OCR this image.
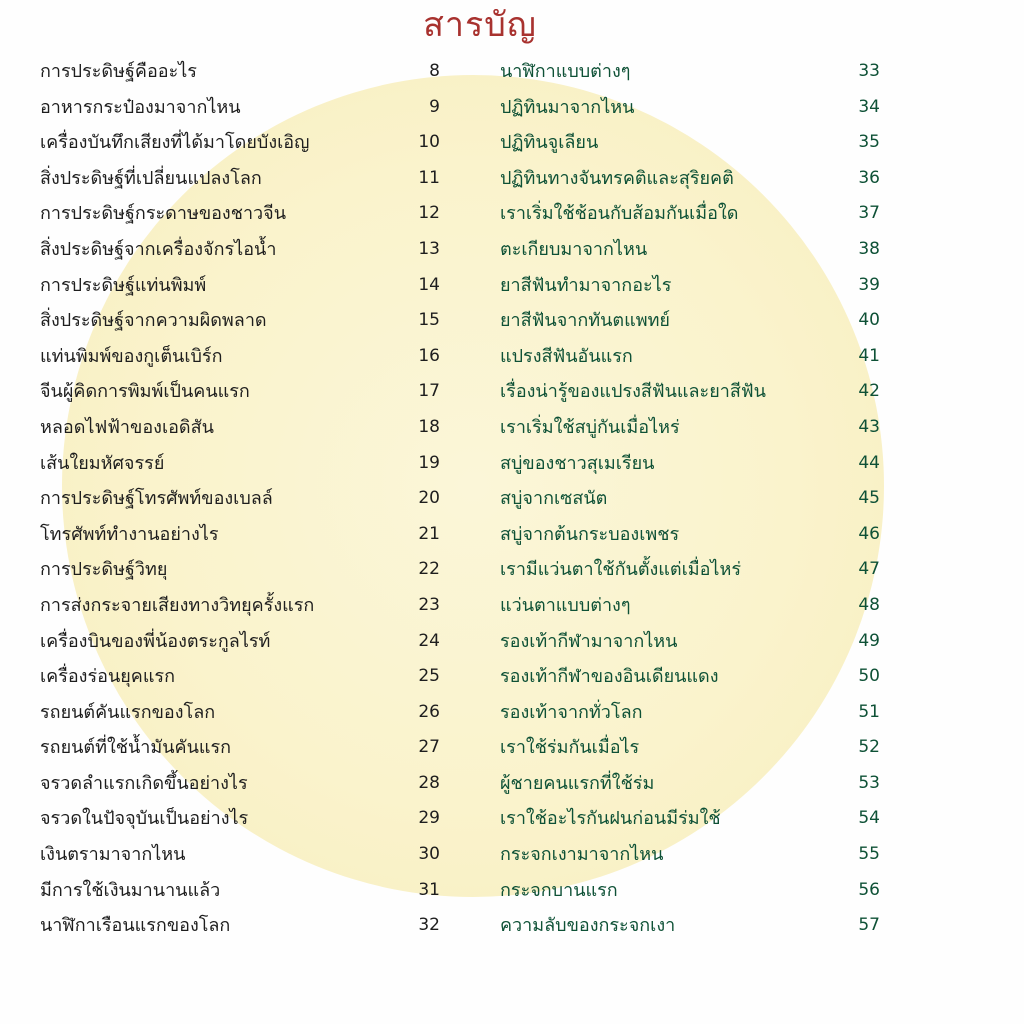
สารบัญ
การประดิษฐ์คืออะไร	8
อาหารกระป๋องมาจากไหน	9
เครื่องบันทึกเสียงที่ได้มาโดยบังเอิญ	10
สิ่งประดิษฐ์ที่เปลี่ยนแปลงโลก	11
การประดิษฐ์กระดาษของชาวจีน	12
สิ่งประดิษฐ์จากเครื่องจักรไอน้ำ	13
การประดิษฐ์แท่นพิมพ์	14
สิ่งประดิษฐ์จากความผิดพลาด	15
แท่นพิมพ์ของกูเต็นเบิร์ก	16
จีนผู้คิดการพิมพ์เป็นคนแรก	17
หลอดไฟฟ้าของเอดิสัน	18
เส้นใยมหัศจรรย์	19
การประดิษฐ์โทรศัพท์ของเบลล์	20
โทรศัพท์ทำงานอย่างไร	21
การประดิษฐ์วิทยุ	22
การส่งกระจายเสียงทางวิทยุครั้งแรก	23
เครื่องบินของพี่น้องตระกูลไรท์	24
เครื่องร่อนยุคแรก	25
รถยนต์คันแรกของโลก	26
รถยนต์ที่ใช้น้ำมันคันแรก	27
จรวดลำแรกเกิดขึ้นอย่างไร	28
จรวดในปัจจุบันเป็นอย่างไร	29
เงินตรามาจากไหน	30
มีการใช้เงินมานานแล้ว	31
นาฬิกาเรือนแรกของโลก	32
นาฬิกาแบบต่างๆ	33
ปฏิทินมาจากไหน	34
ปฏิทินจูเลียน	35
ปฏิทินทางจันทรคติและสุริยคติ	36
เราเริ่มใช้ช้อนกับส้อมกันเมื่อใด	37
ตะเกียบมาจากไหน	38
ยาสีฟันทำมาจากอะไร	39
ยาสีฟันจากทันตแพทย์	40
แปรงสีฟันอันแรก	41
เรื่องน่ารู้ของแปรงสีฟันและยาสีฟัน	42
เราเริ่มใช้สบู่กันเมื่อไหร่	43
สบู่ของชาวสุเมเรียน	44
สบู่จากเซสนัต	45
สบู่จากต้นกระบองเพชร	46
เรามีแว่นตาใช้กันตั้งแต่เมื่อไหร่	47
แว่นตาแบบต่างๆ	48
รองเท้ากีฬามาจากไหน	49
รองเท้ากีฬาของอินเดียนแดง	50
รองเท้าจากทั่วโลก	51
เราใช้ร่มกันเมื่อไร	52
ผู้ชายคนแรกที่ใช้ร่ม	53
เราใช้อะไรกันฝนก่อนมีร่มใช้	54
กระจกเงามาจากไหน	55
กระจกบานแรก	56
ความลับของกระจกเงา	57
